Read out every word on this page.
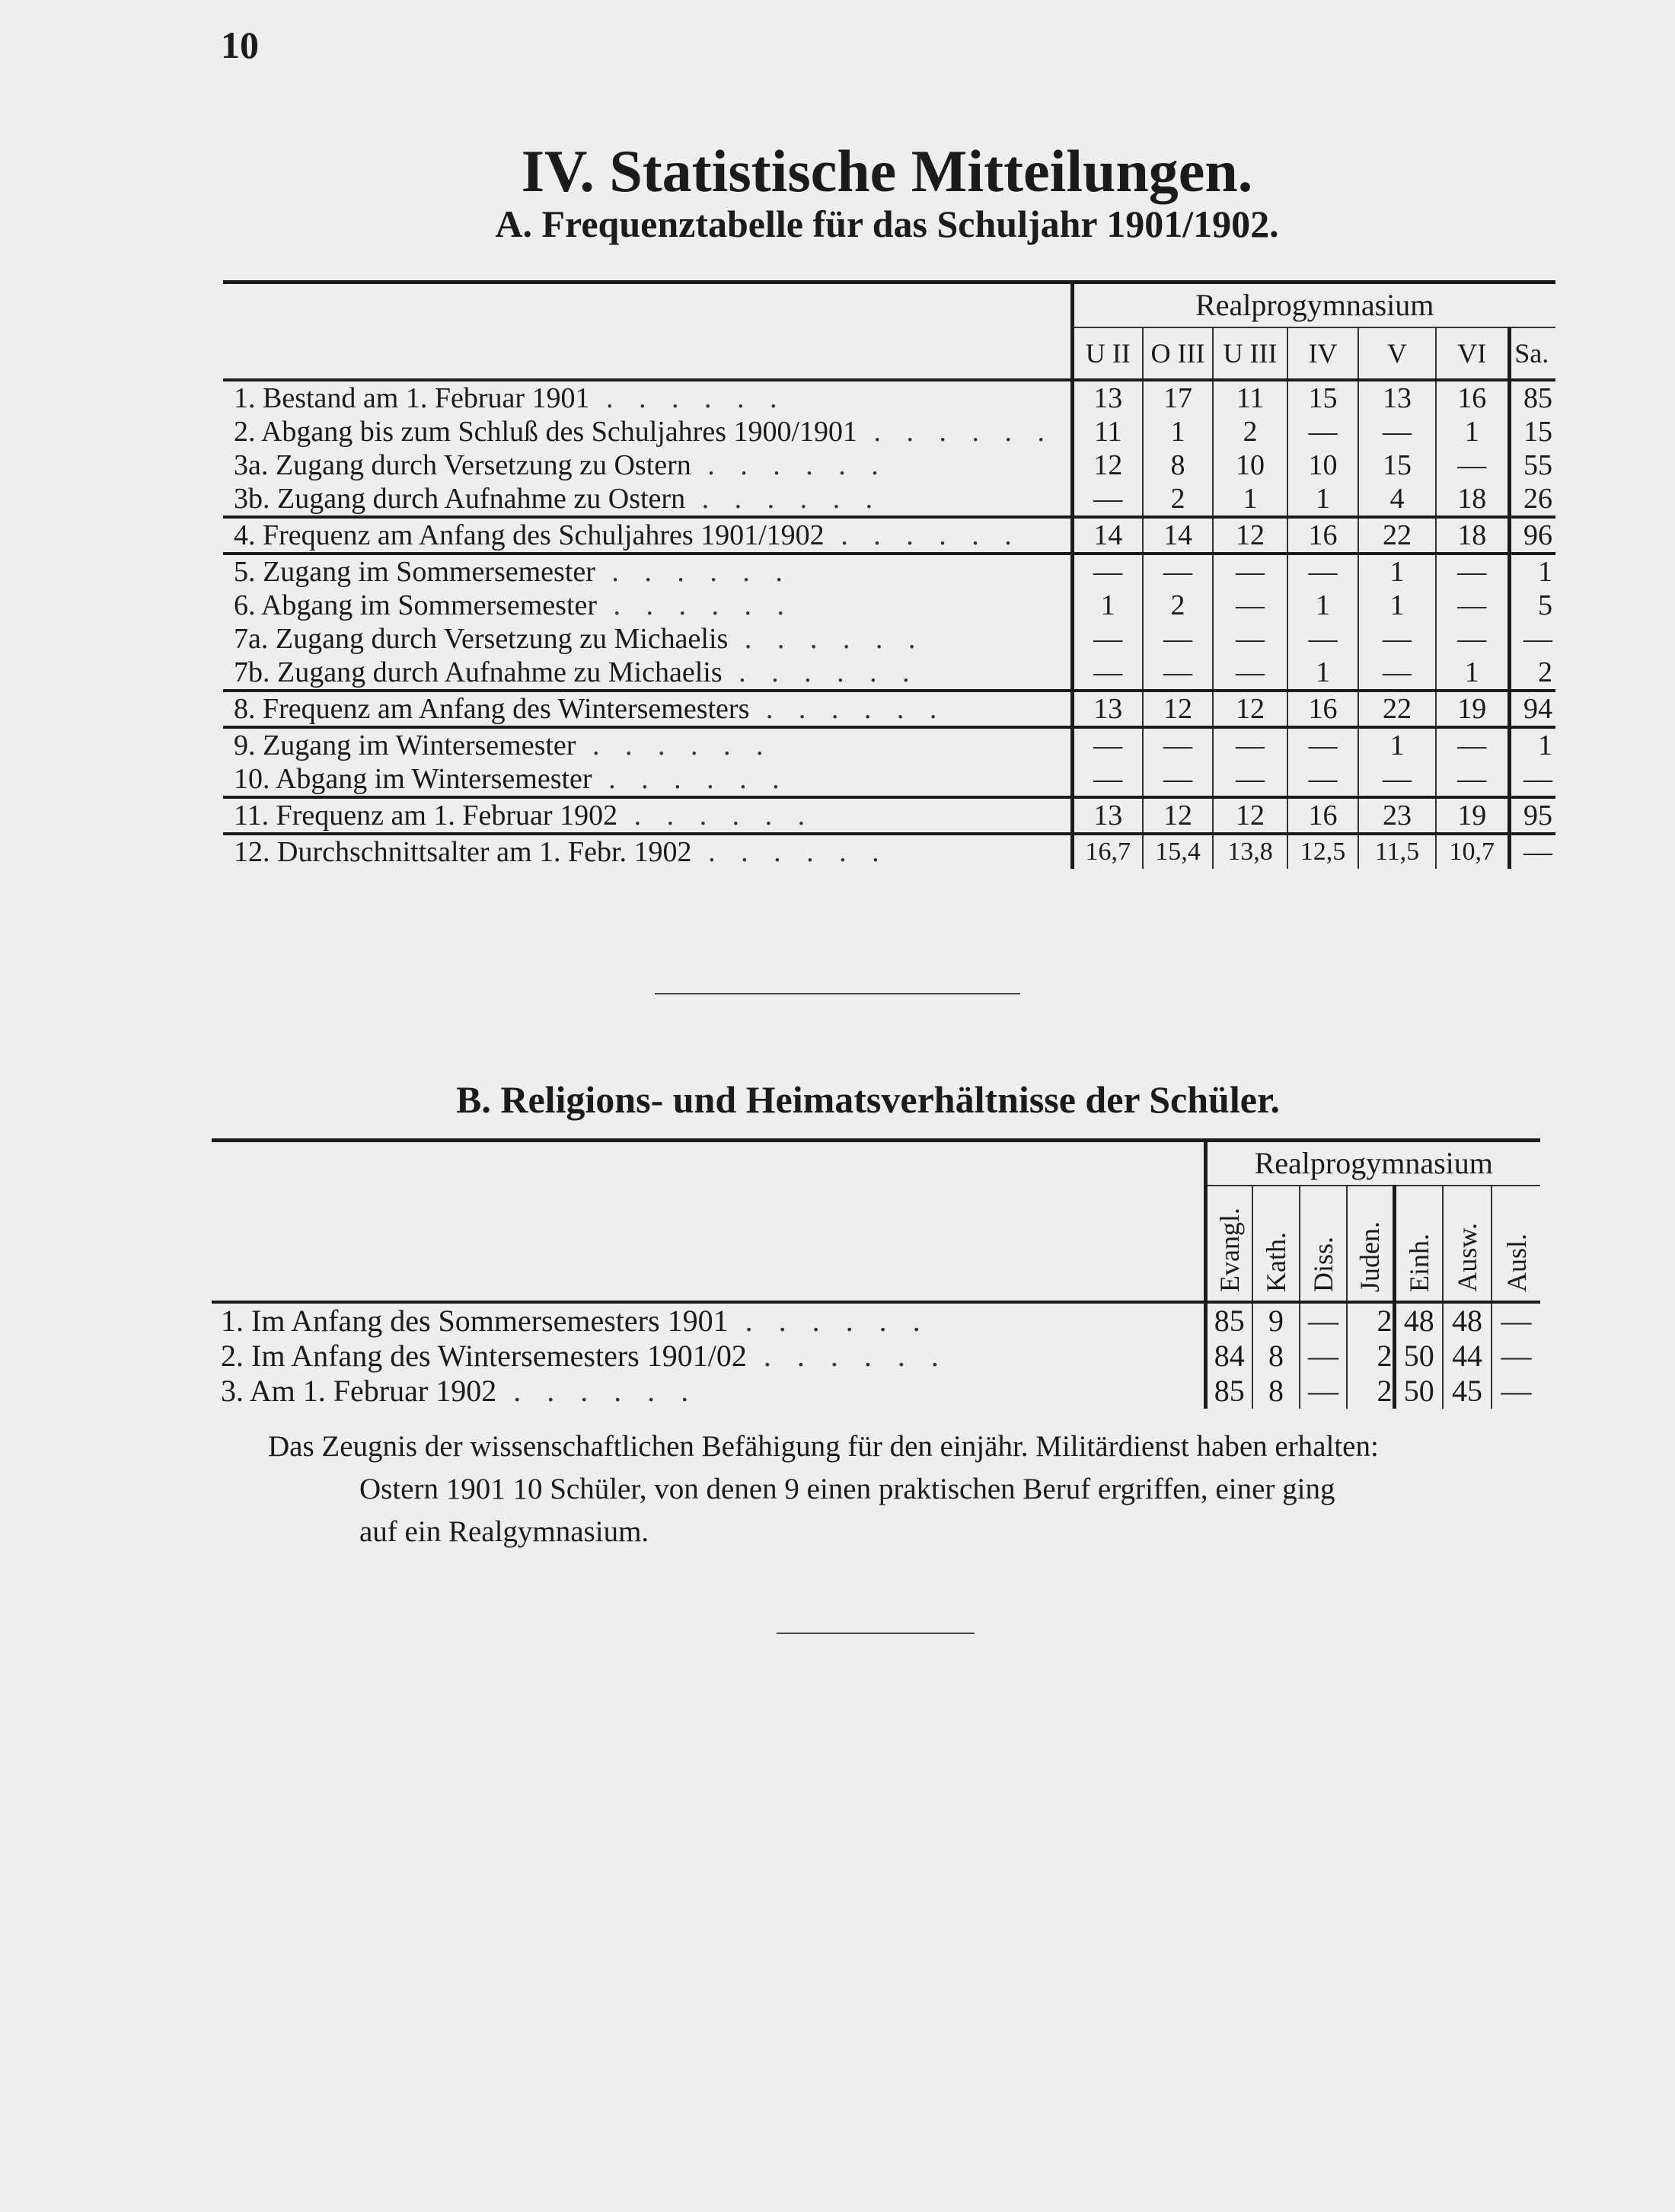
10
IV. Statistische Mitteilungen.
A. Frequenztabelle für das Schuljahr 1901/1902.
	Realprogymnasium						
	U II	O III	U III	IV	V	VI	Sa.
1. Bestand am 1. Februar 1901 . . . . . .	13	17	11	15	13	16	85
2. Abgang bis zum Schluß des Schuljahres 1900/1901 . . . . . .	11	1	2	—	—	1	15
3a. Zugang durch Versetzung zu Ostern . . . . . .	12	8	10	10	15	—	55
3b. Zugang durch Aufnahme zu Ostern . . . . . .	—	2	1	1	4	18	26
4. Frequenz am Anfang des Schuljahres 1901/1902 . . . . . .	14	14	12	16	22	18	96
5. Zugang im Sommersemester . . . . . .	—	—	—	—	1	—	1
6. Abgang im Sommersemester . . . . . .	1	2	—	1	1	—	5
7a. Zugang durch Versetzung zu Michaelis . . . . . .	—	—	—	—	—	—	—
7b. Zugang durch Aufnahme zu Michaelis . . . . . .	—	—	—	1	—	1	2
8. Frequenz am Anfang des Wintersemesters . . . . . .	13	12	12	16	22	19	94
9. Zugang im Wintersemester . . . . . .	—	—	—	—	1	—	1
10. Abgang im Wintersemester . . . . . .	—	—	—	—	—	—	—
11. Frequenz am 1. Februar 1902 . . . . . .	13	12	12	16	23	19	95
12. Durchschnittsalter am 1. Febr. 1902 . . . . . .	16,7	15,4	13,8	12,5	11,5	10,7	—
B. Religions- und Heimatsverhältnisse der Schüler.
	Realprogymnasium						
	Evangl.	Kath.	Diss.	Juden.	Einh.	Ausw.	Ausl.
1. Im Anfang des Sommersemesters 1901 . . . . . .	85	9	—	2	48	48	—
2. Im Anfang des Wintersemesters 1901/02 . . . . . .	84	8	—	2	50	44	—
3. Am 1. Februar 1902 . . . . . .	85	8	—	2	50	45	—
Das Zeugnis der wissenschaftlichen Befähigung für den einjähr. Militärdienst haben erhalten:
Ostern 1901 10 Schüler, von denen 9 einen praktischen Beruf ergriffen, einer ging
auf ein Realgymnasium.
